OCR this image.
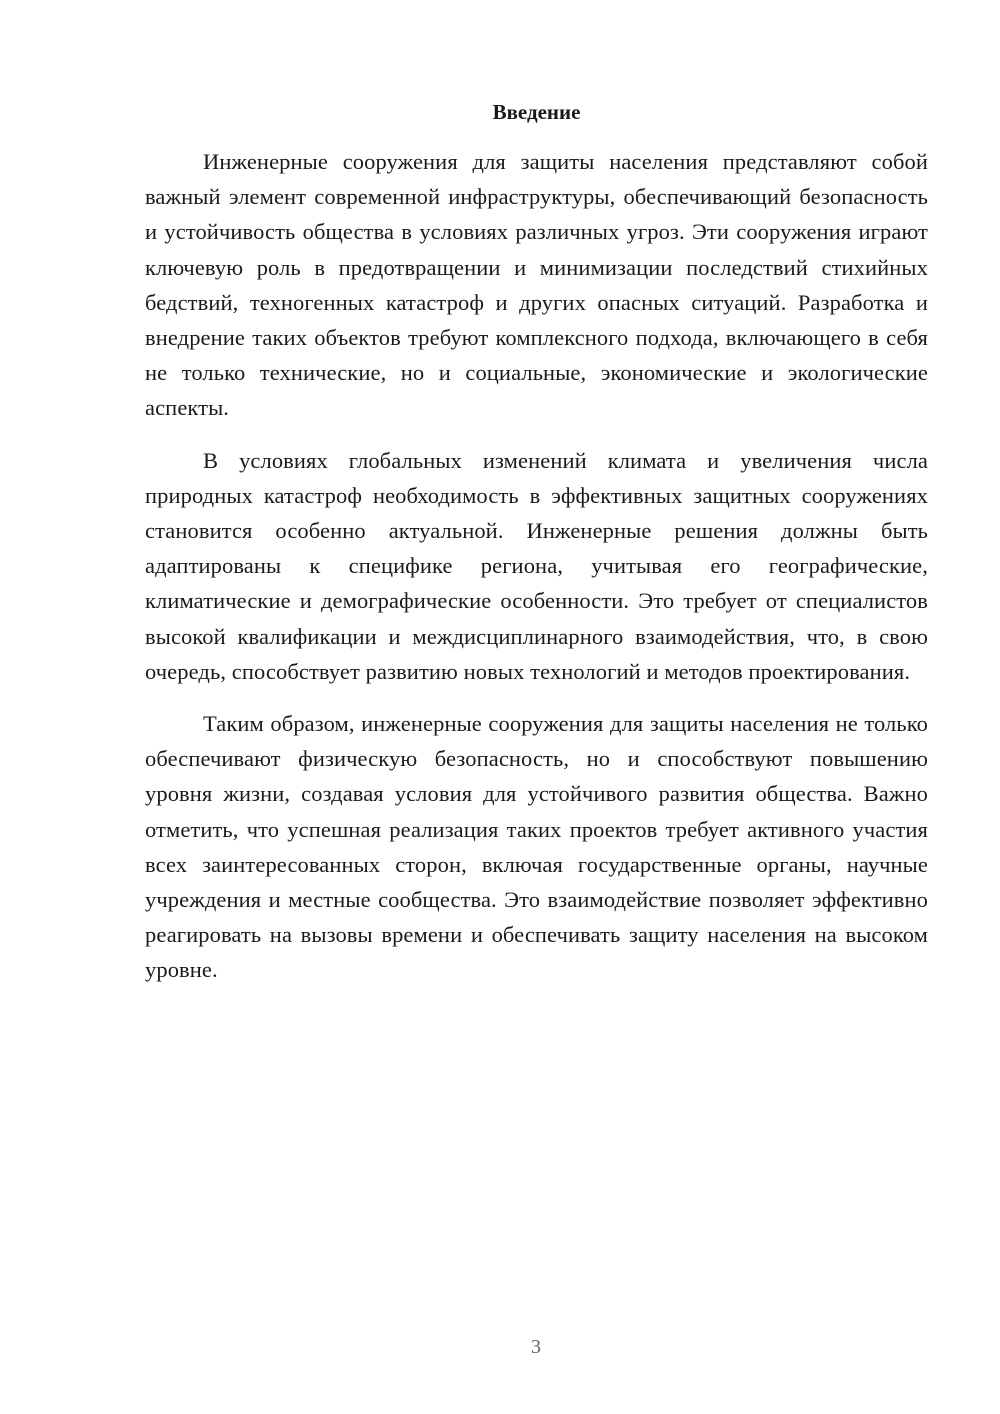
Введение

Инженерные сооружения для защиты населения представляют собой важный элемент современной инфраструктуры, обеспечивающий безопасность и устойчивость общества в условиях различных угроз. Эти сооружения играют ключевую роль в предотвращении и минимизации последствий стихийных бедствий, техногенных катастроф и других опасных ситуаций. Разработка и внедрение таких объектов требуют комплексного подхода, включающего в себя не только технические, но и социальные, экономические и экологические аспекты.

В условиях глобальных изменений климата и увеличения числа природных катастроф необходимость в эффективных защитных сооружениях становится особенно актуальной. Инженерные решения должны быть адаптированы к специфике региона, учитывая его географические, климатические и демографические особенности. Это требует от специалистов высокой квалификации и междисциплинарного взаимодействия, что, в свою очередь, способствует развитию новых технологий и методов проектирования.

Таким образом, инженерные сооружения для защиты населения не только обеспечивают физическую безопасность, но и способствуют повышению уровня жизни, создавая условия для устойчивого развития общества. Важно отметить, что успешная реализация таких проектов требует активного участия всех заинтересованных сторон, включая государственные органы, научные учреждения и местные сообщества. Это взаимодействие позволяет эффективно реагировать на вызовы времени и обеспечивать защиту населения на высоком уровне.

3
